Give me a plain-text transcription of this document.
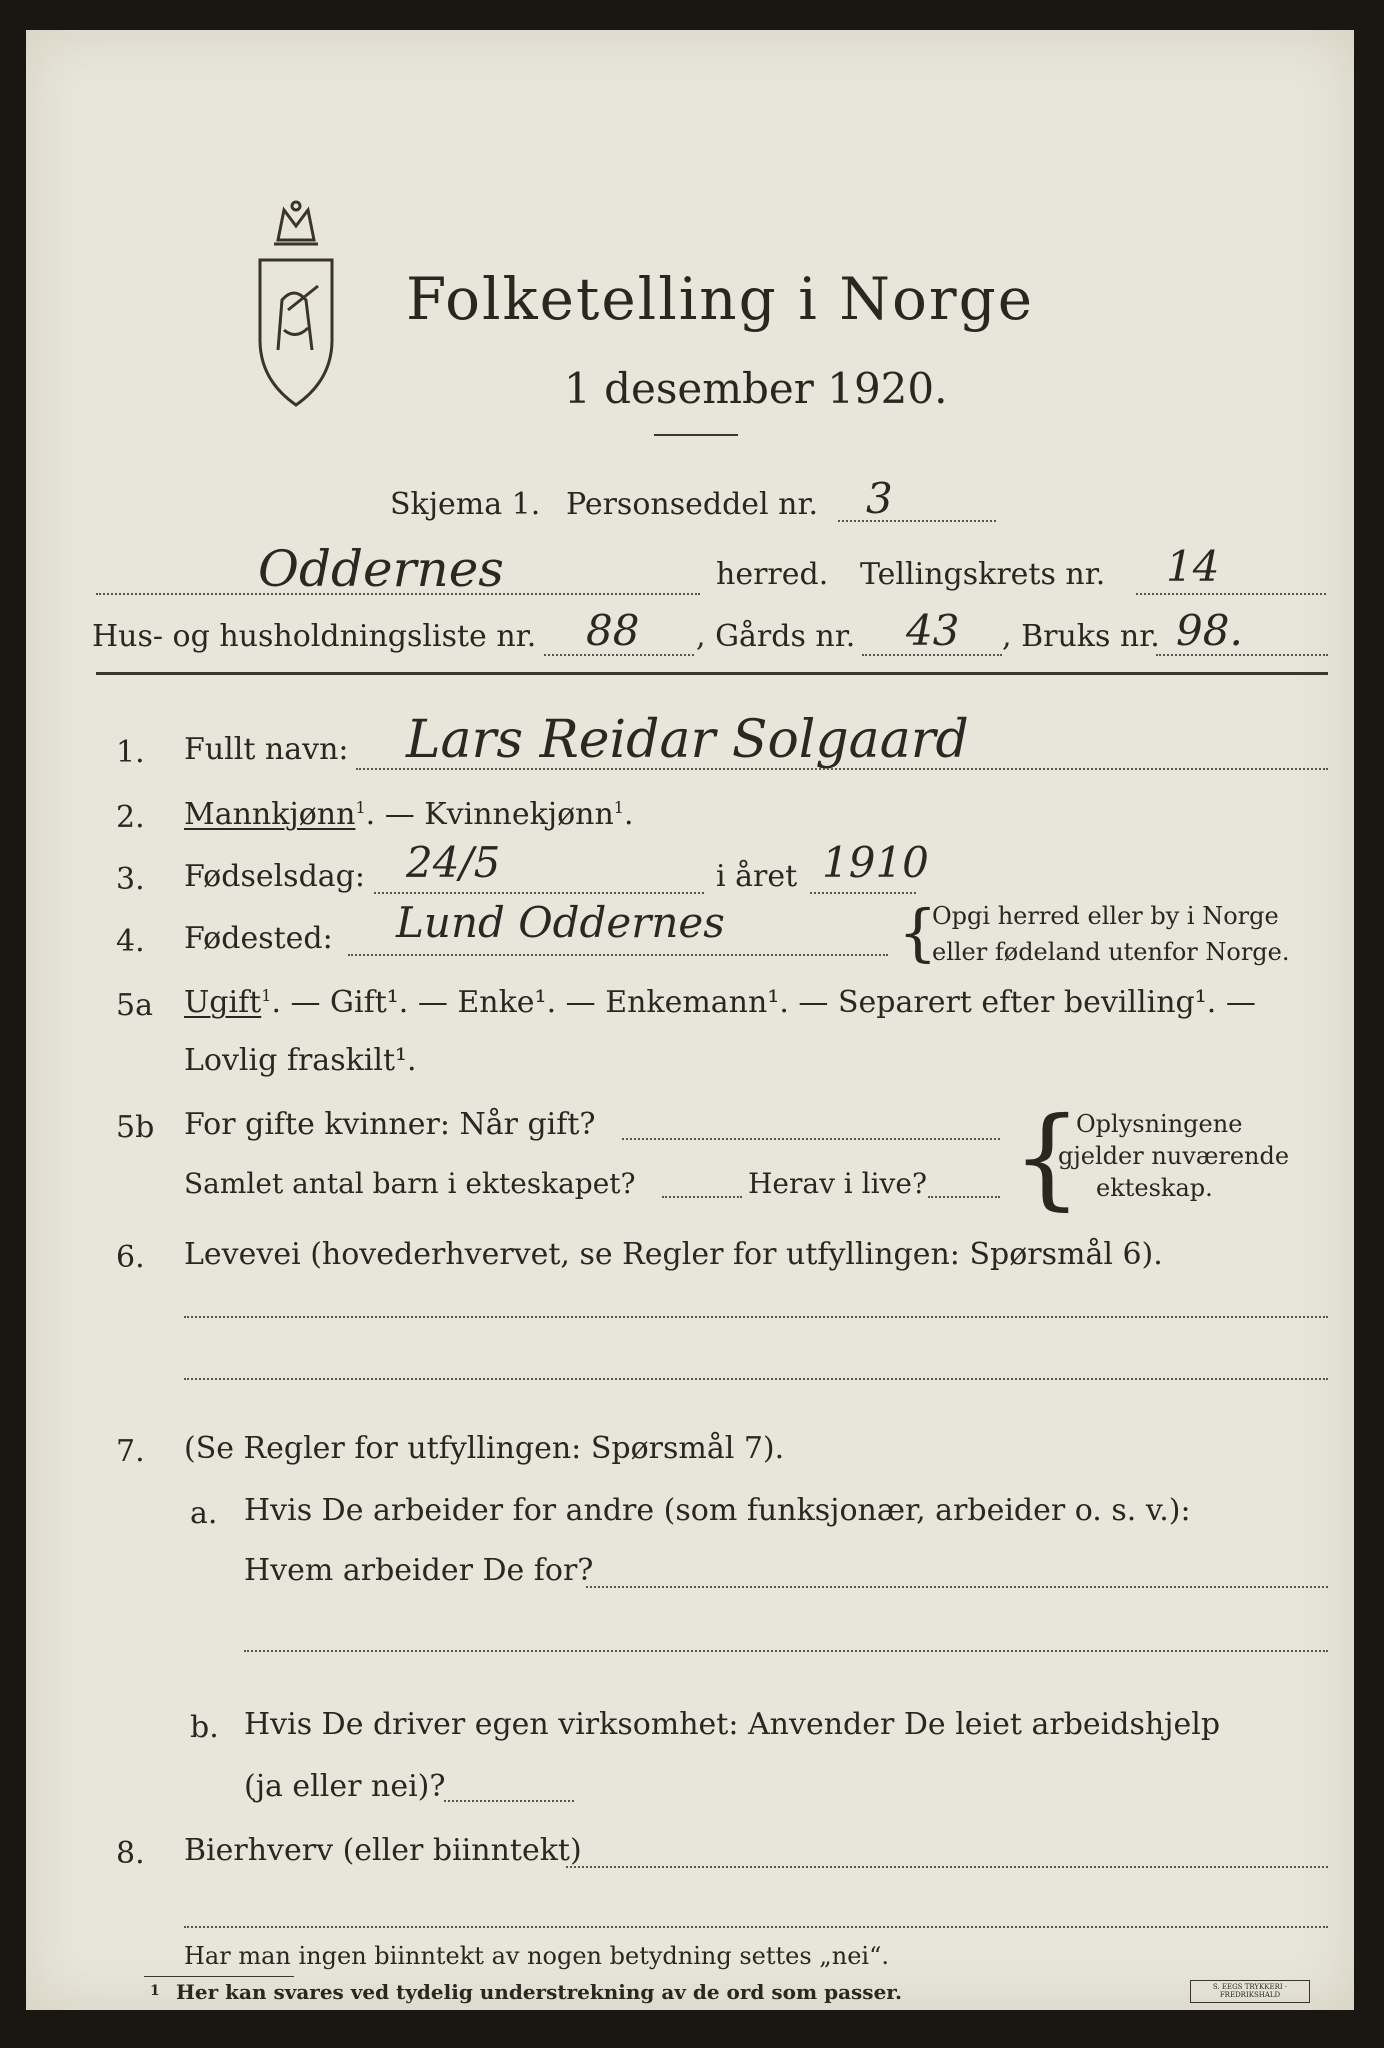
Folketelling i Norge
1 desember 1920.
Skjema 1. Personseddel nr. 3
Oddernes	herred. Tellingskrets nr. 14
Hus- og husholdningsliste nr. 88 , Gårds nr. 43 , Bruks nr. 98.
1. Fullt navn: Lars Reidar Solgaard
2. Mannkjønn$^1$. — Kvinnekjønn$^1$.
3. Fødselsdag: 24/5	i året 1910
4. Fødested: Lund Oddernes	{
Opgi herred eller by i Norge
eller fødeland utenfor Norge.
5a Ugift$^1$. — Gift¹. — Enke¹. — Enkemann¹. — Separert efter bevilling¹. —
Lovlig fraskilt¹.
5b For gifte kvinner: Når gift?
Samlet antal barn i ekteskapet?	Herav i live? {
Oplysningene
gjelder nuværende
ekteskap.
6. Levevei (hovederhvervet, se Regler for utfyllingen: Spørsmål 6).
7. (Se Regler for utfyllingen: Spørsmål 7).
a. Hvis De arbeider for andre (som funksjonær, arbeider o. s. v.):
Hvem arbeider De for?
b. Hvis De driver egen virksomhet: Anvender De leiet arbeidshjelp
(ja eller nei)?
8. Bierhverv (eller biinntekt)
Har man ingen biinntekt av nogen betydning settes „nei“.
1 Her kan svares ved tydelig understrekning av de ord som passer.	S. EEGS TRYKKERI · FREDRIKSHALD
